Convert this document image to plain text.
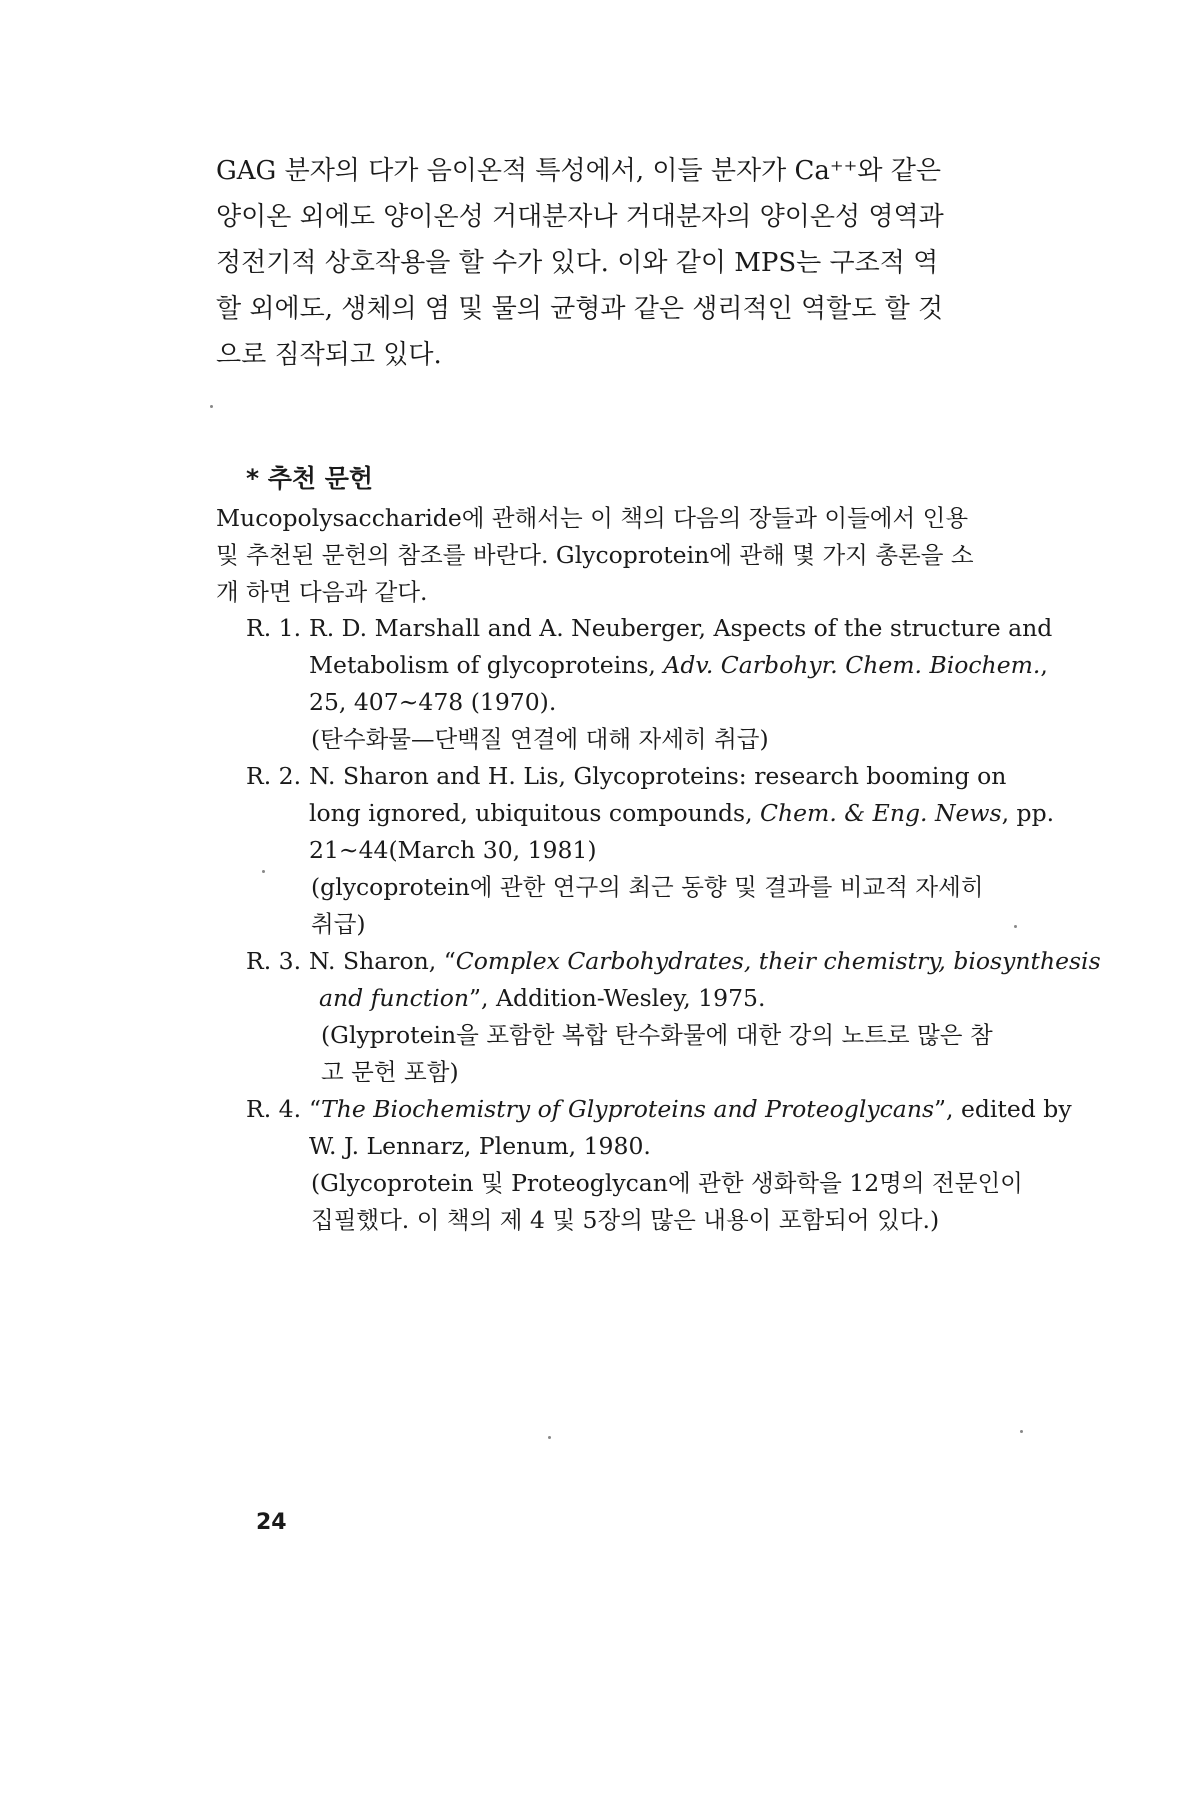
GAG 분자의 다가 음이온적 특성에서, 이들 분자가 Ca⁺⁺와 같은
양이온 외에도 양이온성 거대분자나 거대분자의 양이온성 영역과
정전기적 상호작용을 할 수가 있다. 이와 같이 MPS는 구조적 역
할 외에도, 생체의 염 및 물의 균형과 같은 생리적인 역할도 할 것
으로 짐작되고 있다.
* 추천 문헌
Mucopolysaccharide에 관해서는 이 책의 다음의 장들과 이들에서 인용
및 추천된 문헌의 참조를 바란다. Glycoprotein에 관해 몇 가지 총론을 소
개 하면 다음과 같다.
R. 1. R. D. Marshall and A. Neuberger, Aspects of the structure and
Metabolism of glycoproteins, Adv. Carbohyr. Chem. Biochem.,
25, 407∼478 (1970).
(탄수화물—단백질 연결에 대해 자세히 취급)
R. 2. N. Sharon and H. Lis, Glycoproteins: research booming on
long ignored, ubiquitous compounds, Chem. & Eng. News, pp.
21∼44(March 30, 1981)
(glycoprotein에 관한 연구의 최근 동향 및 결과를 비교적 자세히
취급)
R. 3. N. Sharon, “Complex Carbohydrates, their chemistry, biosynthesis
and function”, Addition-Wesley, 1975.
(Glyprotein을 포함한 복합 탄수화물에 대한 강의 노트로 많은 참
고 문헌 포함)
R. 4. “The Biochemistry of Glyproteins and Proteoglycans”, edited by
W. J. Lennarz, Plenum, 1980.
(Glycoprotein 및 Proteoglycan에 관한 생화학을 12명의 전문인이
집필했다. 이 책의 제 4 및 5장의 많은 내용이 포함되어 있다.)
24
